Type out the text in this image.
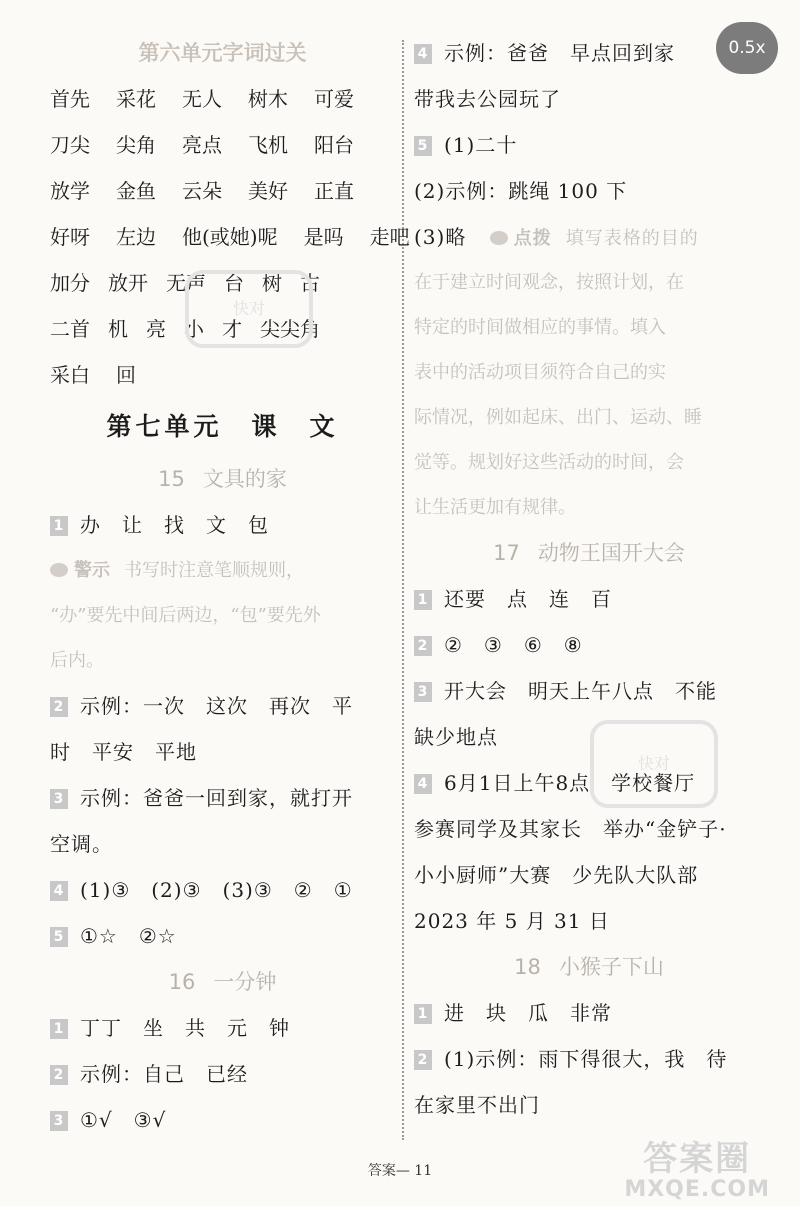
0.5x
第六单元字词过关
首先 采花 无人 树木 可爱
刀尖 尖角 亮点 飞机 阳台
放学 金鱼 云朵 美好 正直
好呀 左边 他(或她)呢 是吗 走吧
加分 放开 无声 台 树 古
二首 机 亮 小 才 尖尖角
采白 回
第七单元　课　文
15 文具的家
1 办　让　找　文　包
警示 书写时注意笔顺规则，
“办”要先中间后两边，“包”要先外
后内。
2 示例：一次　这次　再次　平
时　平安　平地
3 示例：爸爸一回到家，就打开
空调。
4 (1)③　(2)③　(3)③　②　①
5 ①☆　②☆
16 一分钟
1 丁丁　坐　共　元　钟
2 示例：自己　已经
3 ①√　③√
4 示例：爸爸　早点回到家
带我去公园玩了
5 (1)二十
(2)示例：跳绳 100 下
(3)略	点拨 填写表格的目的
在于建立时间观念，按照计划，在
特定的时间做相应的事情。填入
表中的活动项目须符合自己的实
际情况，例如起床、出门、运动、睡
觉等。规划好这些活动的时间，会
让生活更加有规律。
17 动物王国开大会
1 还要　点　连　百
2 ②　③　⑥　⑧
3 开大会　明天上午八点　不能
缺少地点
4 6月1日上午8点　学校餐厅
参赛同学及其家长　举办“金铲子·
小小厨师”大赛　少先队大队部
2023 年 5 月 31 日
18 小猴子下山
1 进　块　瓜　非常
2 (1)示例：雨下得很大，我　待
在家里不出门
快对
快对
答案— 11	答案圈
MXQE.COM
